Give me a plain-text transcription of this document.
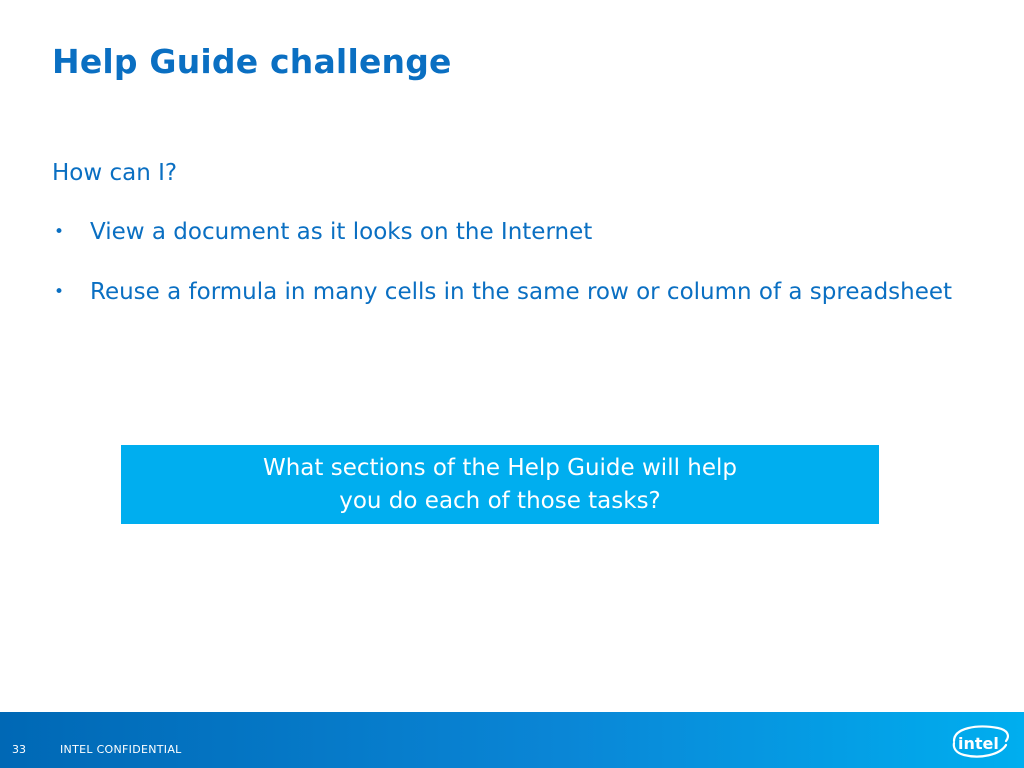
Help Guide challenge

How can I?

• View a document as it looks on the Internet
• Reuse a formula in many cells in the same row or column of a spreadsheet
What sections of the Help Guide will help
you do each of those tasks?
33	INTEL CONFIDENTIAL	intel
